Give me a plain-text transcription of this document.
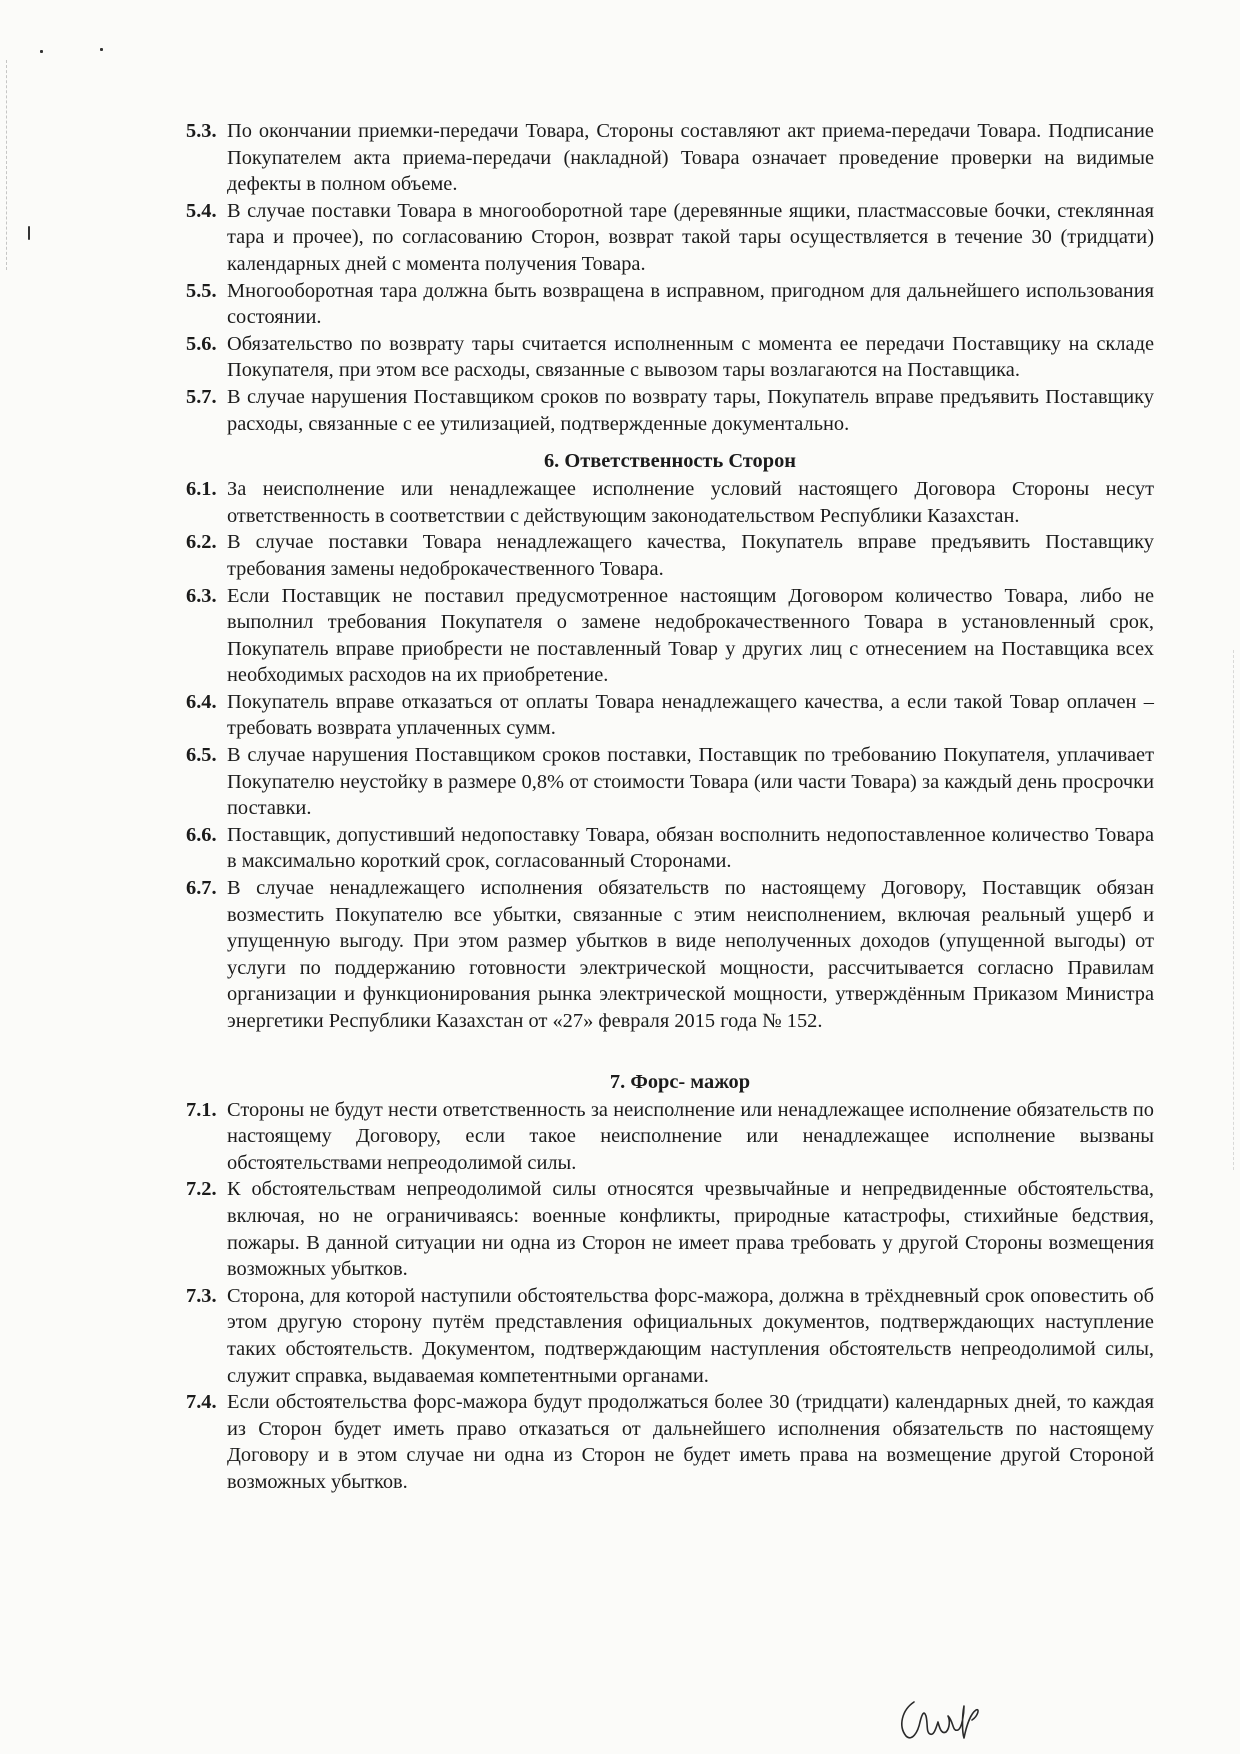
5.3. По окончании приемки-передачи Товара, Стороны составляют акт приема-передачи Товара. Подписание Покупателем акта приема-передачи (накладной) Товара означает проведение проверки на видимые дефекты в полном объеме.
5.4. В случае поставки Товара в многооборотной таре (деревянные ящики, пластмассовые бочки, стеклянная тара и прочее), по согласованию Сторон, возврат такой тары осуществляется в течение 30 (тридцати) календарных дней с момента получения Товара.
5.5. Многооборотная тара должна быть возвращена в исправном, пригодном для дальнейшего использования состоянии.
5.6. Обязательство по возврату тары считается исполненным с момента ее передачи Поставщику на складе Покупателя, при этом все расходы, связанные с вывозом тары возлагаются на Поставщика.
5.7. В случае нарушения Поставщиком сроков по возврату тары, Покупатель вправе предъявить Поставщику расходы, связанные с ее утилизацией, подтвержденные документально.
6. Ответственность Сторон
6.1. За неисполнение или ненадлежащее исполнение условий настоящего Договора Стороны несут ответственность в соответствии с действующим законодательством Республики Казахстан.
6.2. В случае поставки Товара ненадлежащего качества, Покупатель вправе предъявить Поставщику требования замены недоброкачественного Товара.
6.3. Если Поставщик не поставил предусмотренное настоящим Договором количество Товара, либо не выполнил требования Покупателя о замене недоброкачественного Товара в установленный срок, Покупатель вправе приобрести не поставленный Товар у других лиц с отнесением на Поставщика всех необходимых расходов на их приобретение.
6.4. Покупатель вправе отказаться от оплаты Товара ненадлежащего качества, а если такой Товар оплачен – требовать возврата уплаченных сумм.
6.5. В случае нарушения Поставщиком сроков поставки, Поставщик по требованию Покупателя, уплачивает Покупателю неустойку в размере 0,8% от стоимости Товара (или части Товара) за каждый день просрочки поставки.
6.6. Поставщик, допустивший недопоставку Товара, обязан восполнить недопоставленное количество Товара в максимально короткий срок, согласованный Сторонами.
6.7. В случае ненадлежащего исполнения обязательств по настоящему Договору, Поставщик обязан возместить Покупателю все убытки, связанные с этим неисполнением, включая реальный ущерб и упущенную выгоду. При этом размер убытков в виде неполученных доходов (упущенной выгоды) от услуги по поддержанию готовности электрической мощности, рассчитывается согласно Правилам организации и функционирования рынка электрической мощности, утверждённым Приказом Министра энергетики Республики Казахстан от «27» февраля 2015 года № 152.
7. Форс- мажор
7.1. Стороны не будут нести ответственность за неисполнение или ненадлежащее исполнение обязательств по настоящему Договору, если такое неисполнение или ненадлежащее исполнение вызваны обстоятельствами непреодолимой силы.
7.2. К обстоятельствам непреодолимой силы относятся чрезвычайные и непредвиденные обстоятельства, включая, но не ограничиваясь: военные конфликты, природные катастрофы, стихийные бедствия, пожары. В данной ситуации ни одна из Сторон не имеет права требовать у другой Стороны возмещения возможных убытков.
7.3. Сторона, для которой наступили обстоятельства форс-мажора, должна в трёхдневный срок оповестить об этом другую сторону путём представления официальных документов, подтверждающих наступление таких обстоятельств. Документом, подтверждающим наступления обстоятельств непреодолимой силы, служит справка, выдаваемая компетентными органами.
7.4. Если обстоятельства форс-мажора будут продолжаться более 30 (тридцати) календарных дней, то каждая из Сторон будет иметь право отказаться от дальнейшего исполнения обязательств по настоящему Договору и в этом случае ни одна из Сторон не будет иметь права на возмещение другой Стороной возможных убытков.
